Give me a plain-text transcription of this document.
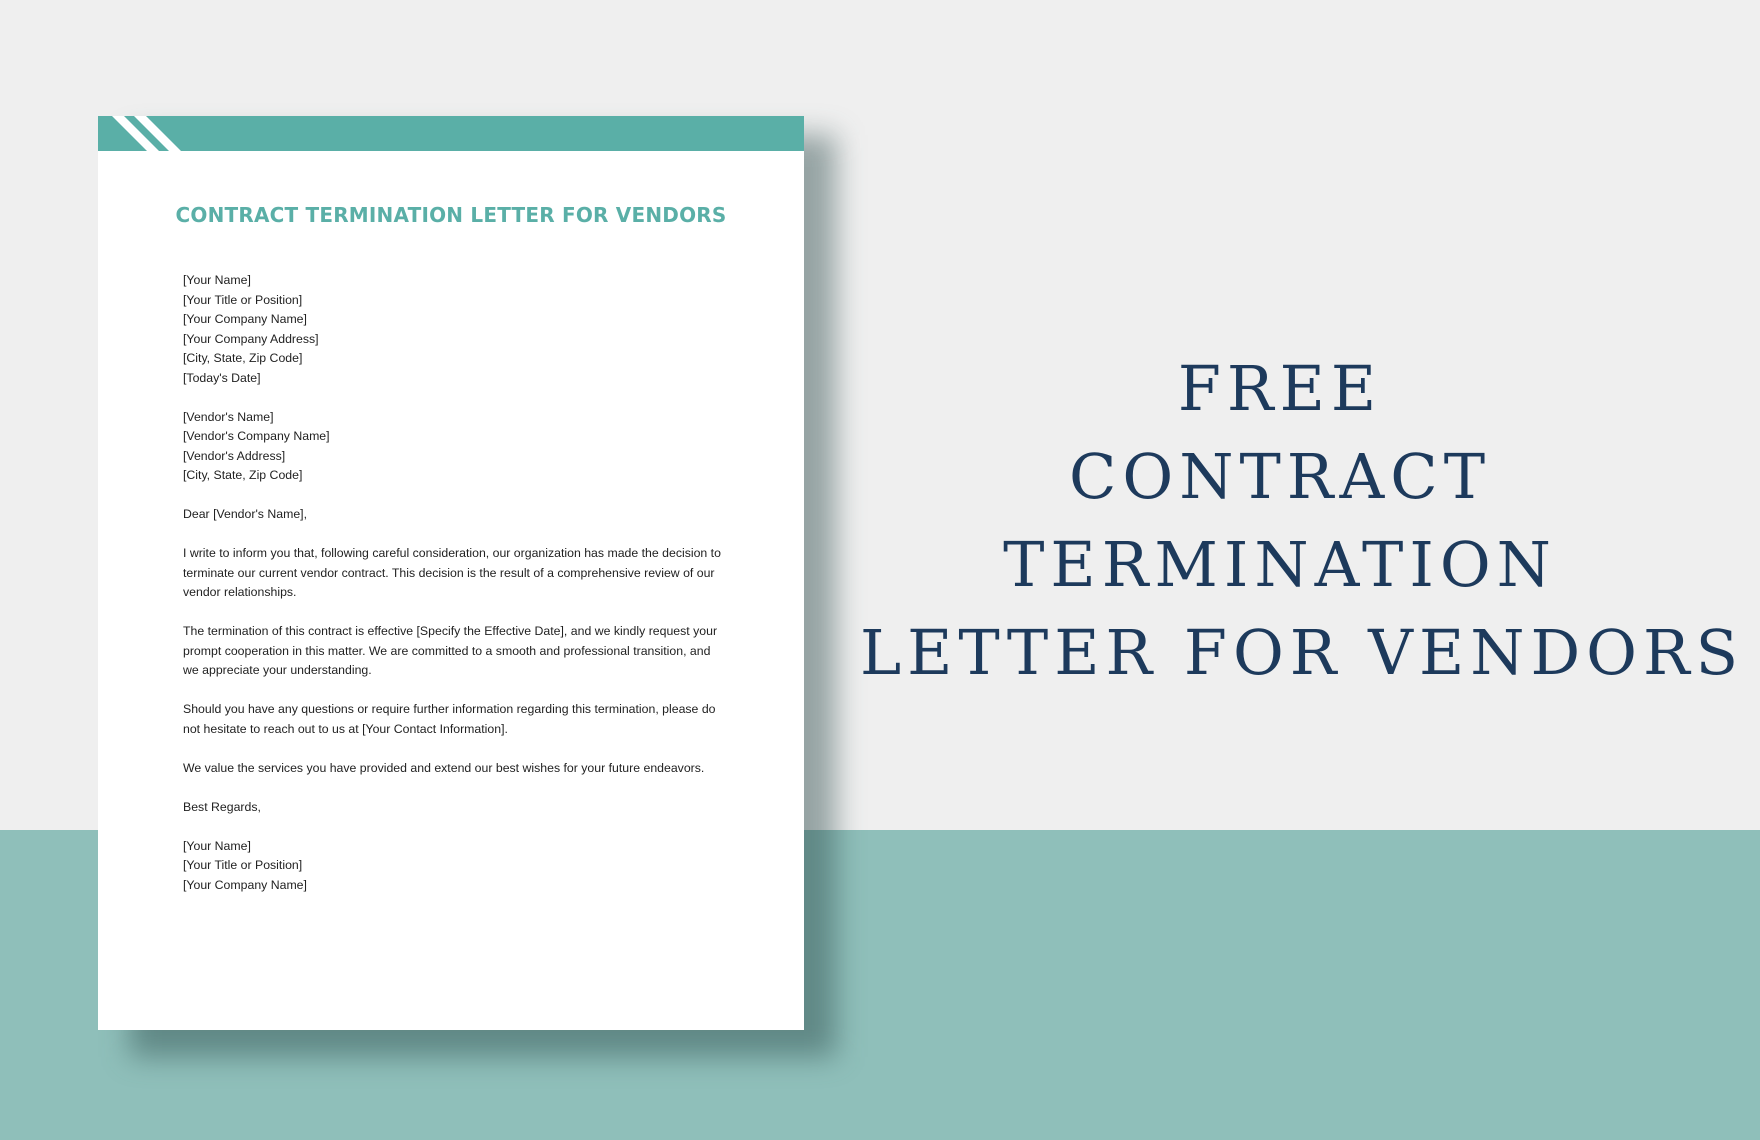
CONTRACT TERMINATION LETTER FOR VENDORS
[Your Name]
[Your Title or Position]
[Your Company Name]
[Your Company Address]
[City, State, Zip Code]
[Today's Date]
[Vendor's Name]
[Vendor's Company Name]
[Vendor's Address]
[City, State, Zip Code]
Dear [Vendor's Name],

I write to inform you that, following careful consideration, our organization has made the decision to terminate our current vendor contract. This decision is the result of a comprehensive review of our vendor relationships.

The termination of this contract is effective [Specify the Effective Date], and we kindly request your prompt cooperation in this matter. We are committed to a smooth and professional transition, and we appreciate your understanding.

Should you have any questions or require further information regarding this termination, please do not hesitate to reach out to us at [Your Contact Information].

We value the services you have provided and extend our best wishes for your future endeavors.

Best Regards,
[Your Name]
[Your Title or Position]
[Your Company Name]
FREE
CONTRACT
TERMINATION
LETTER FOR VENDORS
